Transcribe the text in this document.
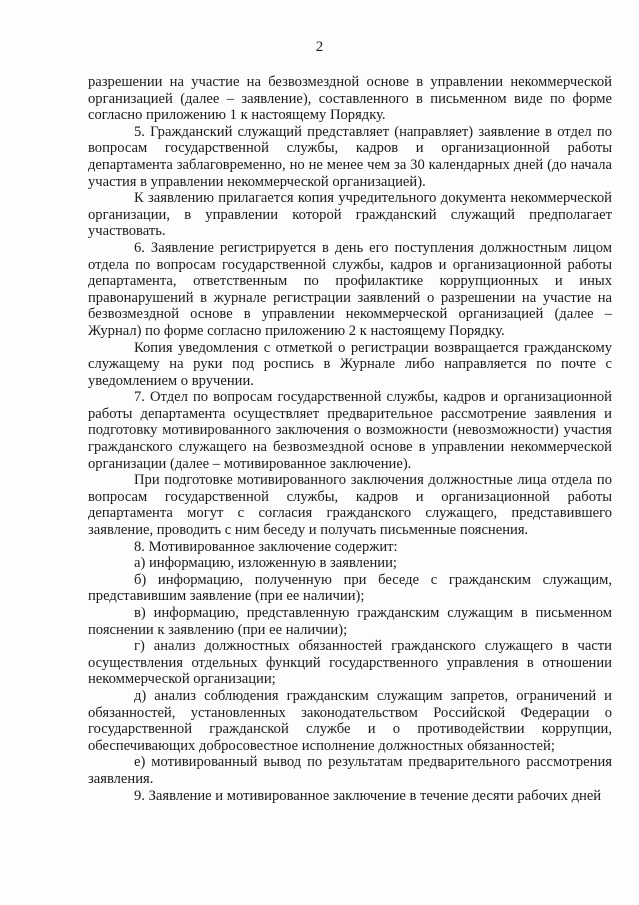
2

разрешении на участие на безвозмездной основе в управлении некоммерческой организацией (далее – заявление), составленного в письменном виде по форме согласно приложению 1 к настоящему Порядку.

5. Гражданский служащий представляет (направляет) заявление в отдел по вопросам государственной службы, кадров и организационной работы департамента заблаговременно, но не менее чем за 30 календарных дней (до начала участия в управлении некоммерческой организацией).

К заявлению прилагается копия учредительного документа некоммерческой организации, в управлении которой гражданский служащий предполагает участвовать.

6. Заявление регистрируется в день его поступления должностным лицом отдела по вопросам государственной службы, кадров и организационной работы департамента, ответственным по профилактике коррупционных и иных правонарушений в журнале регистрации заявлений о разрешении на участие на безвозмездной основе в управлении некоммерческой организацией (далее – Журнал) по форме согласно приложению 2 к настоящему Порядку.

Копия уведомления с отметкой о регистрации возвращается гражданскому служащему на руки под роспись в Журнале либо направляется по почте с уведомлением о вручении.

7. Отдел по вопросам государственной службы, кадров и организационной работы департамента осуществляет предварительное рассмотрение заявления и подготовку мотивированного заключения о возможности (невозможности) участия гражданского служащего на безвозмездной основе в управлении некоммерческой организации (далее – мотивированное заключение).

При подготовке мотивированного заключения должностные лица отдела по вопросам государственной службы, кадров и организационной работы департамента могут с согласия гражданского служащего, представившего заявление, проводить с ним беседу и получать письменные пояснения.

8. Мотивированное заключение содержит:

а) информацию, изложенную в заявлении;

б) информацию, полученную при беседе с гражданским служащим, представившим заявление (при ее наличии);

в) информацию, представленную гражданским служащим в письменном пояснении к заявлению (при ее наличии);

г) анализ должностных обязанностей гражданского служащего в части осуществления отдельных функций государственного управления в отношении некоммерческой организации;

д) анализ соблюдения гражданским служащим запретов, ограничений и обязанностей, установленных законодательством Российской Федерации о государственной гражданской службе и о противодействии коррупции, обеспечивающих добросовестное исполнение должностных обязанностей;

е) мотивированный вывод по результатам предварительного рассмотрения заявления.

9. Заявление и мотивированное заключение в течение десяти рабочих дней
